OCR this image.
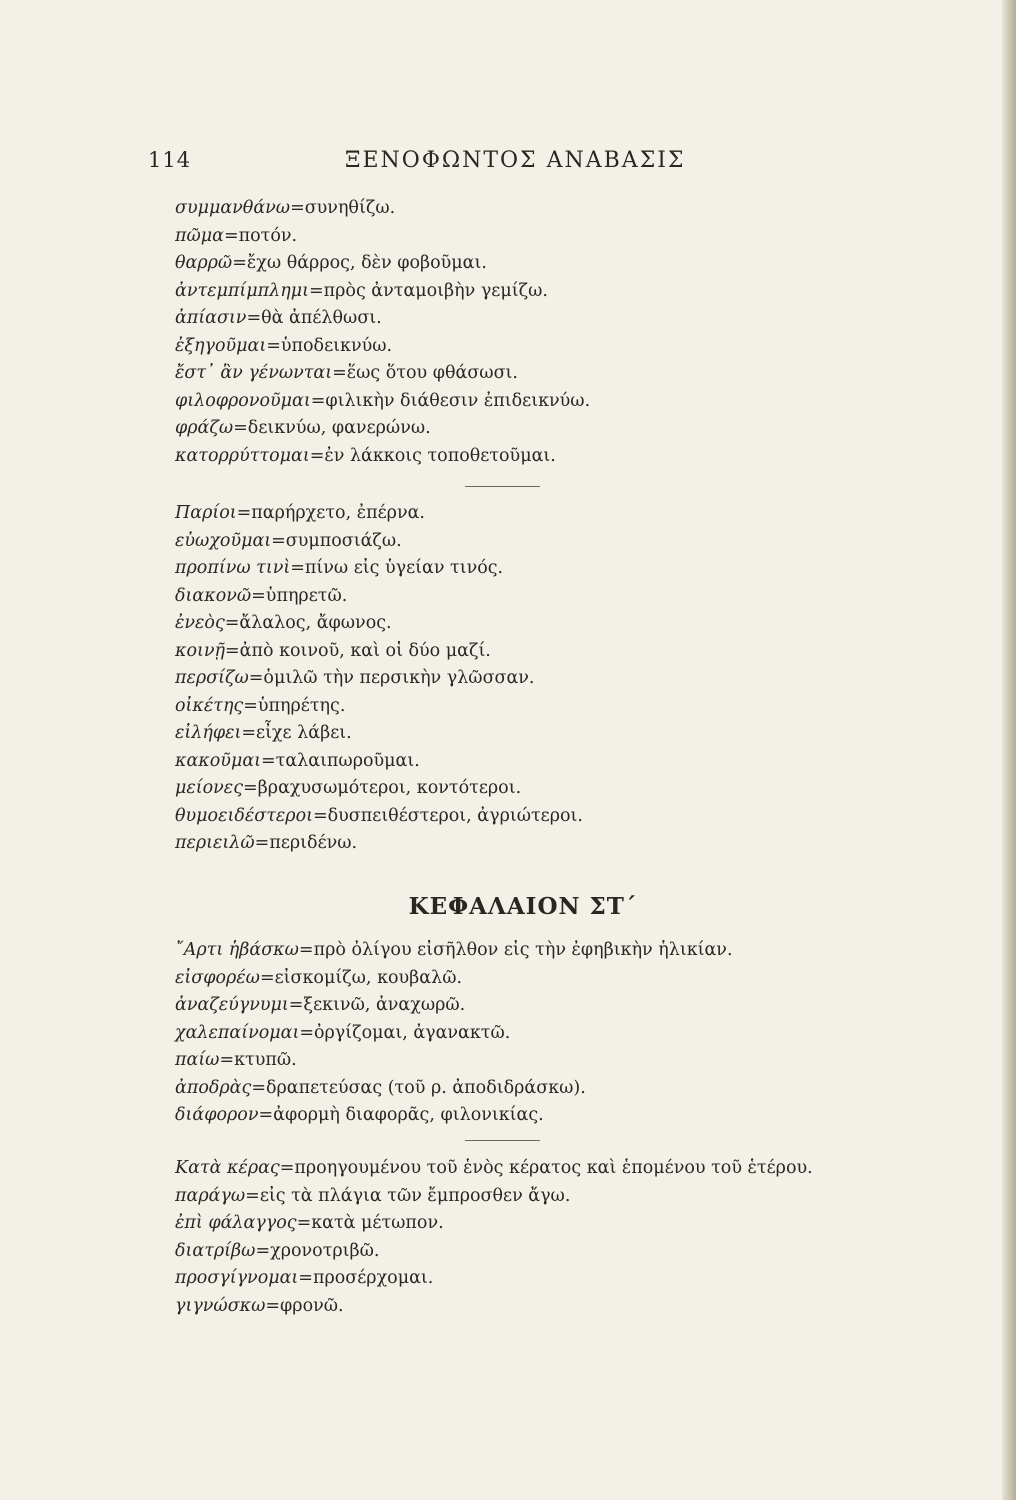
114	ΞΕΝΟΦΩΝΤΟΣ ΑΝΑΒΑΣΙΣ
συμμανθάνω=συνηθίζω.
πῶμα=ποτόν.
θαρρῶ=ἔχω θάρρος, δὲν φοβοῦμαι.
ἀντεμπίμπλημι=πρὸς ἀνταμοιβὴν γεμίζω.
ἀπίασιν=θὰ ἀπέλθωσι.
ἐξηγοῦμαι=ὑποδεικνύω.
ἔστ᾽ ἂν γένωνται=ἕως ὅτου φθάσωσι.
φιλοφρονοῦμαι=φιλικὴν διάθεσιν ἐπιδεικνύω.
φράζω=δεικνύω, φανερώνω.
κατορρύττομαι=ἐν λάκκοις τοποθετοῦμαι.
Παρίοι=παρήρχετο, ἐπέρνα.
εὐωχοῦμαι=συμποσιάζω.
προπίνω τινὶ=πίνω εἰς ὑγείαν τινός.
διακονῶ=ὑπηρετῶ.
ἐνεὸς=ἄλαλος, ἄφωνος.
κοινῇ=ἀπὸ κοινοῦ, καὶ οἱ δύο μαζί.
περσίζω=ὁμιλῶ τὴν περσικὴν γλῶσσαν.
οἰκέτης=ὑπηρέτης.
εἰλήφει=εἶχε λάβει.
κακοῦμαι=ταλαιπωροῦμαι.
μείονες=βραχυσωμότεροι, κοντότεροι.
θυμοειδέστεροι=δυσπειθέστεροι, ἀγριώτεροι.
περιειλῶ=περιδένω.
ΚΕΦΑΛΑΙΟΝ ΣΤ΄
῎Αρτι ἡβάσκω=πρὸ ὀλίγου εἰσῆλθον εἰς τὴν ἐφηβικὴν ἡλικίαν.
εἰσφορέω=εἰσκομίζω, κουβαλῶ.
ἀναζεύγνυμι=ξεκινῶ, ἀναχωρῶ.
χαλεπαίνομαι=ὀργίζομαι, ἀγανακτῶ.
παίω=κτυπῶ.
ἀποδρὰς=δραπετεύσας (τοῦ ρ. ἀποδιδράσκω).
διάφορον=ἀφορμὴ διαφορᾶς, φιλονικίας.
Κατὰ κέρας=προηγουμένου τοῦ ἑνὸς κέρατος καὶ ἑπομένου τοῦ ἑτέρου.
παράγω=εἰς τὰ πλάγια τῶν ἔμπροσθεν ἄγω.
ἐπὶ φάλαγγος=κατὰ μέτωπον.
διατρίβω=χρονοτριβῶ.
προσγίγνομαι=προσέρχομαι.
γιγνώσκω=φρονῶ.
